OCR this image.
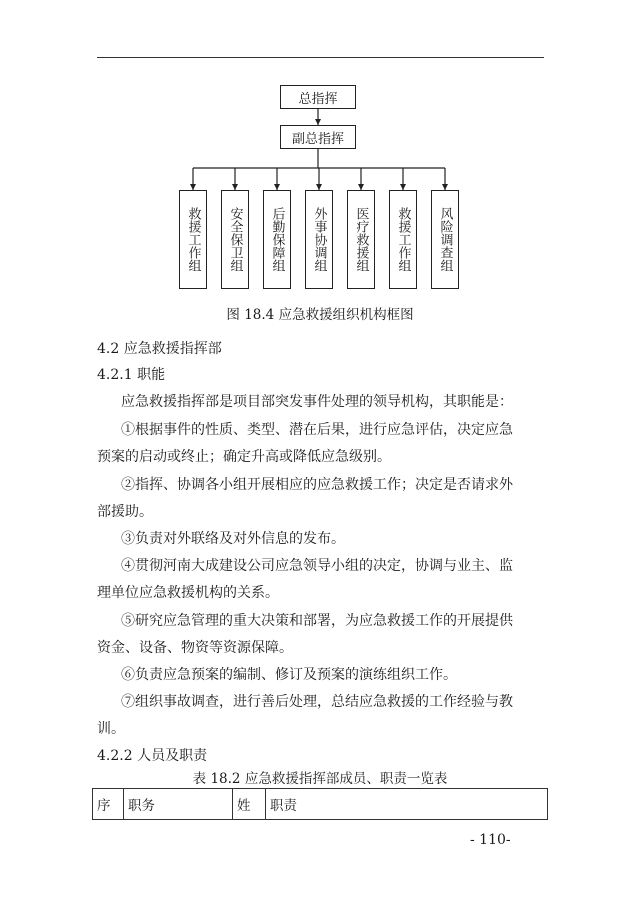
总指挥
副总指挥
救援工作组	安全保卫组	后勤保障组	外事协调组	医疗救援组	救援工作组	风险调查组
图 18.4 应急救援组织机构框图
4.2 应急救援指挥部
4.2.1 职能
应急救援指挥部是项目部突发事件处理的领导机构，其职能是：
①根据事件的性质、类型、潜在后果，进行应急评估，决定应急
预案的启动或终止；确定升高或降低应急级别。
②指挥、协调各小组开展相应的应急救援工作；决定是否请求外
部援助。
③负责对外联络及对外信息的发布。
④贯彻河南大成建设公司应急领导小组的决定，协调与业主、监
理单位应急救援机构的关系。
⑤研究应急管理的重大决策和部署，为应急救援工作的开展提供
资金、设备、物资等资源保障。
⑥负责应急预案的编制、修订及预案的演练组织工作。
⑦组织事故调查，进行善后处理，总结应急救援的工作经验与教
训。
4.2.2 人员及职责
表 18.2 应急救援指挥部成员、职责一览表
序	职务	姓	职责
- 110-
